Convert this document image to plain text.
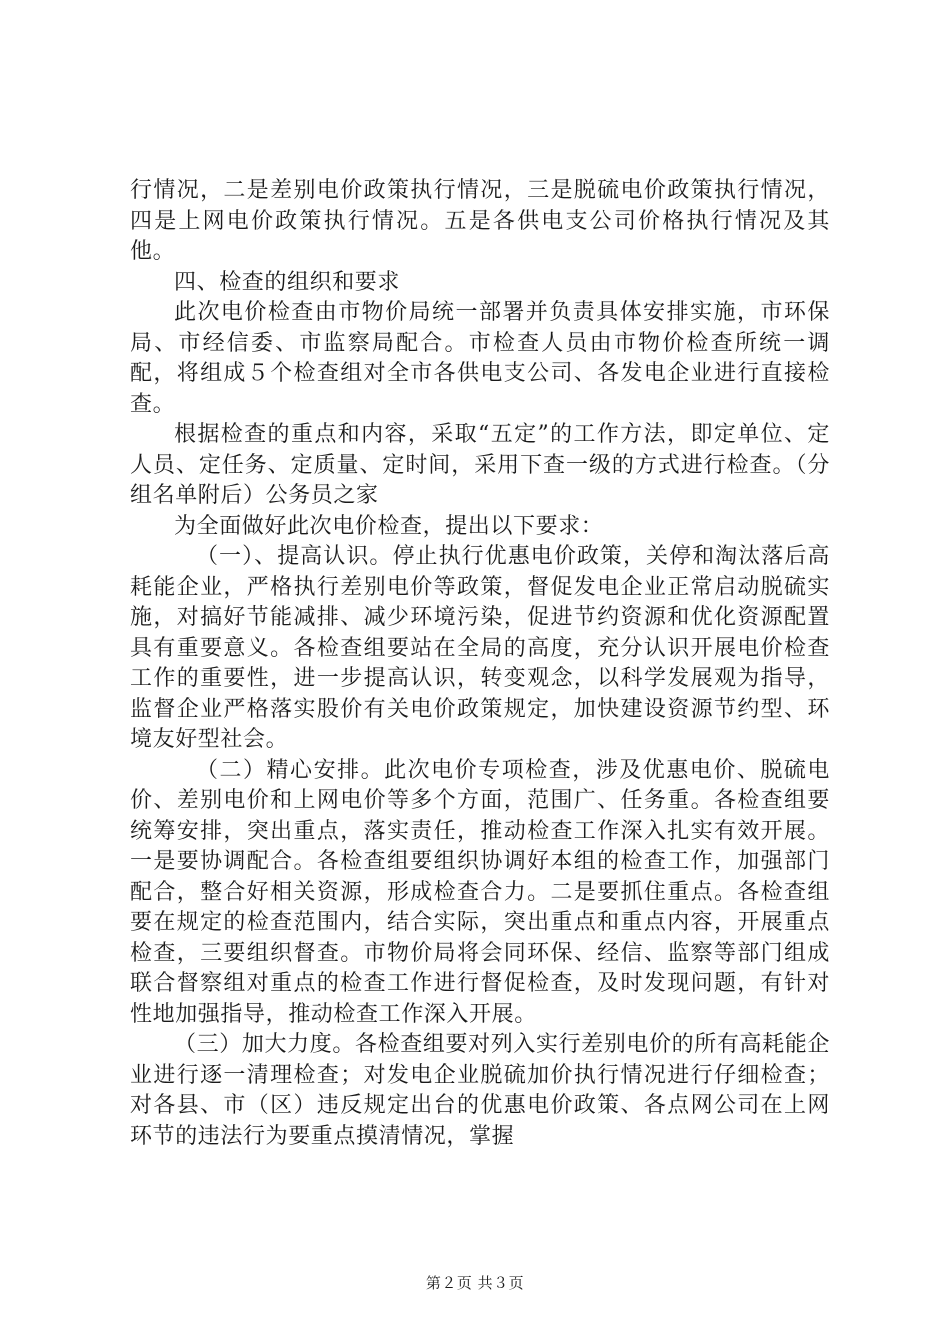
行情况，二是差别电价政策执行情况，三是脱硫电价政策执行情况，四是上网电价政策执行情况。五是各供电支公司价格执行情况及其他。

四、检查的组织和要求

此次电价检查由市物价局统一部署并负责具体安排实施，市环保局、市经信委、市监察局配合。市检查人员由市物价检查所统一调配，将组成５个检查组对全市各供电支公司、各发电企业进行直接检查。

根据检查的重点和内容，采取“五定”的工作方法，即定单位、定人员、定任务、定质量、定时间，采用下查一级的方式进行检查。（分组名单附后）公务员之家

为全面做好此次电价检查，提出以下要求：

（一）、提高认识。停止执行优惠电价政策，关停和淘汰落后高耗能企业，严格执行差别电价等政策，督促发电企业正常启动脱硫实施，对搞好节能减排、减少环境污染，促进节约资源和优化资源配置具有重要意义。各检查组要站在全局的高度，充分认识开展电价检查工作的重要性，进一步提高认识，转变观念，以科学发展观为指导，监督企业严格落实股价有关电价政策规定，加快建设资源节约型、环境友好型社会。

（二）精心安排。此次电价专项检查，涉及优惠电价、脱硫电价、差别电价和上网电价等多个方面，范围广、任务重。各检查组要统筹安排，突出重点，落实责任，推动检查工作深入扎实有效开展。一是要协调配合。各检查组要组织协调好本组的检查工作，加强部门配合，整合好相关资源，形成检查合力。二是要抓住重点。各检查组要在规定的检查范围内，结合实际，突出重点和重点内容，开展重点检查，三要组织督查。市物价局将会同环保、经信、监察等部门组成联合督察组对重点的检查工作进行督促检查，及时发现问题，有针对性地加强指导，推动检查工作深入开展。

（三）加大力度。各检查组要对列入实行差别电价的所有高耗能企业进行逐一清理检查；对发电企业脱硫加价执行情况进行仔细检查；对各县、市（区）违反规定出台的优惠电价政策、各点网公司在上网环节的违法行为要重点摸清情况，掌握

第２页 共３页
